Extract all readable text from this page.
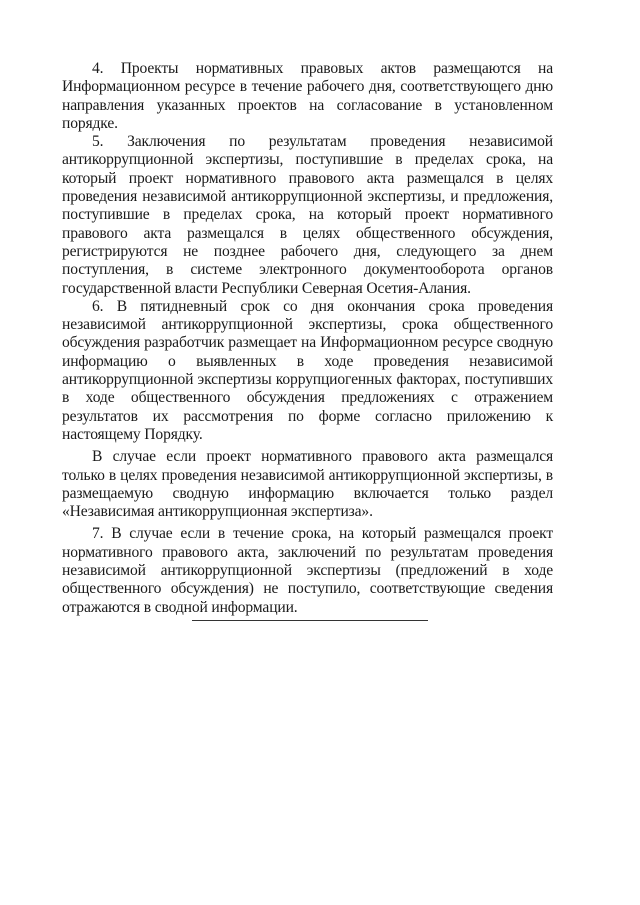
4. Проекты нормативных правовых актов размещаются на Информационном ресурсе в течение рабочего дня, соответствующего дню направления указанных проектов на согласование в установленном порядке.

5. Заключения по результатам проведения независимой антикоррупционной экспертизы, поступившие в пределах срока, на который проект нормативного правового акта размещался в целях проведения независимой антикоррупционной экспертизы, и предложения, поступившие в пределах срока, на который проект нормативного правового акта размещался в целях общественного обсуждения, регистрируются не позднее рабочего дня, следующего за днем поступления, в системе электронного документооборота органов государственной власти Республики Северная Осетия-Алания.

6. В пятидневный срок со дня окончания срока проведения независимой антикоррупционной экспертизы, срока общественного обсуждения разработчик размещает на Информационном ресурсе сводную информацию о выявленных в ходе проведения независимой антикоррупционной экспертизы коррупциогенных факторах, поступивших в ходе общественного обсуждения предложениях с отражением результатов их рассмотрения по форме согласно приложению к настоящему Порядку.

В случае если проект нормативного правового акта размещался только в целях проведения независимой антикоррупционной экспертизы, в размещаемую сводную информацию включается только раздел «Независимая антикоррупционная экспертиза».

7. В случае если в течение срока, на который размещался проект нормативного правового акта, заключений по результатам проведения независимой антикоррупционной экспертизы (предложений в ходе общественного обсуждения) не поступило, соответствующие сведения отражаются в сводной информации.
